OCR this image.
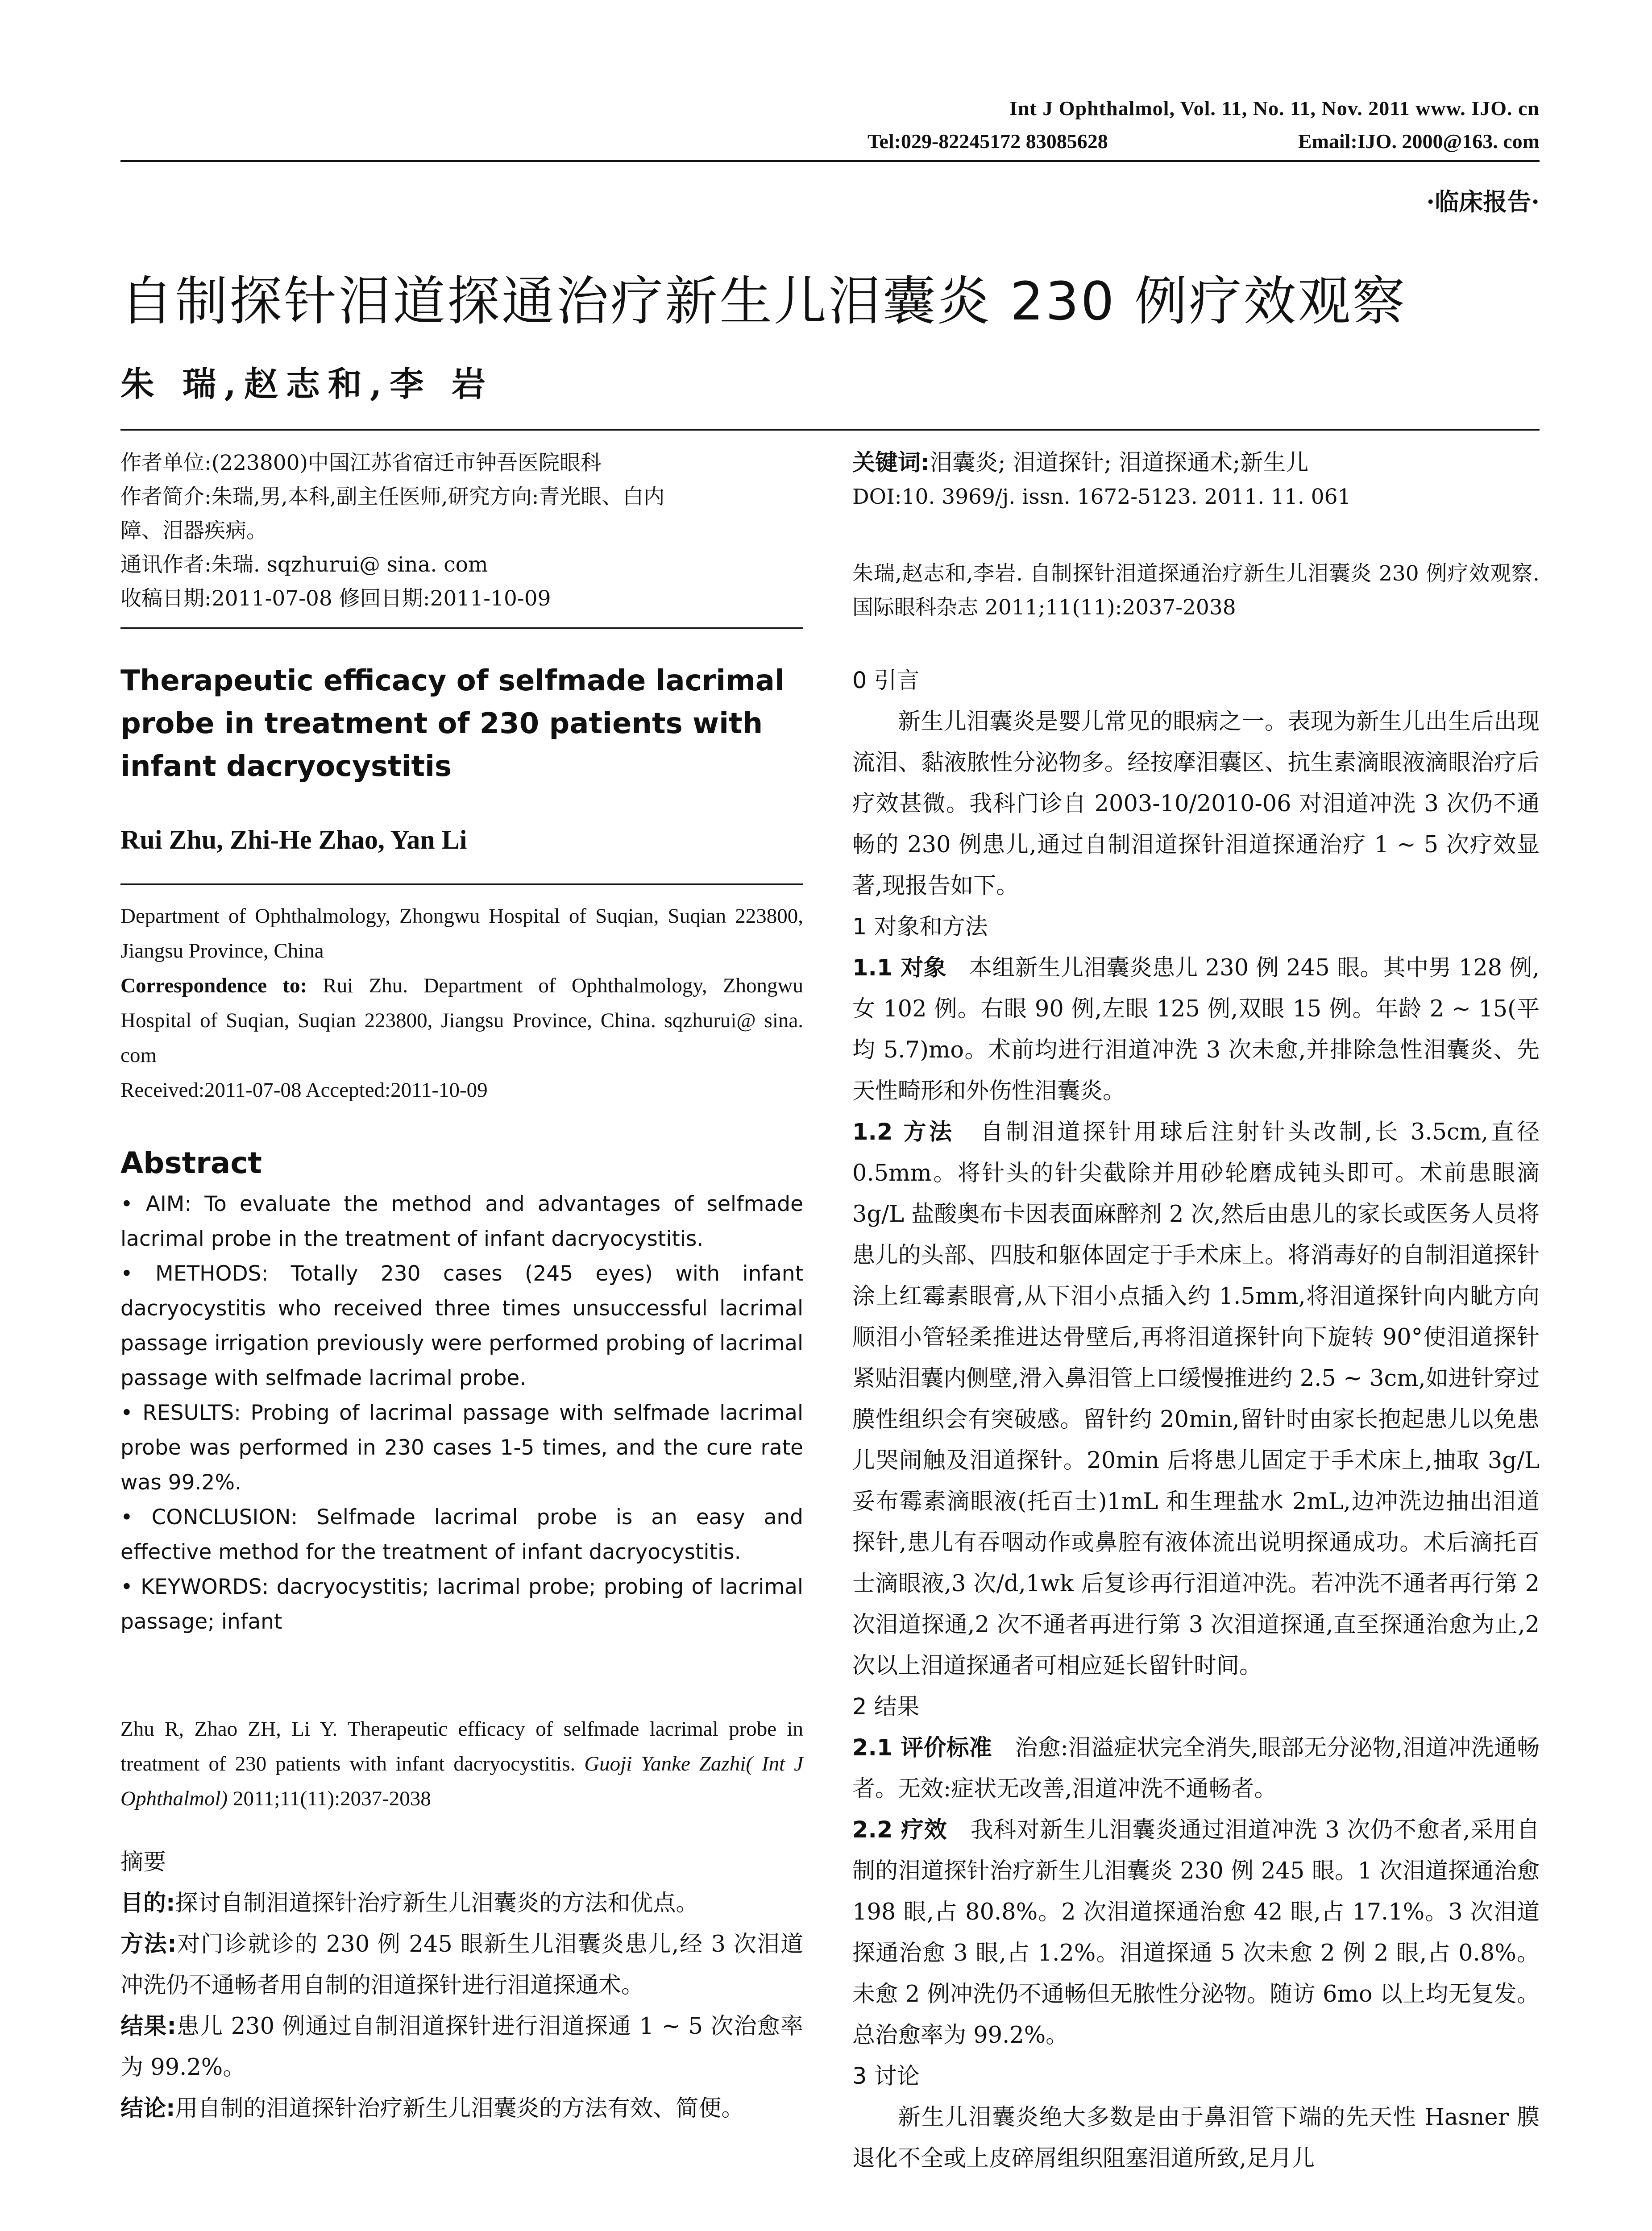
Int J Ophthalmol, Vol. 11, No. 11, Nov. 2011 www. IJO. cn
Tel:029-82245172 83085628	Email:IJO. 2000@163. com
·临床报告·
自制探针泪道探通治疗新生儿泪囊炎 230 例疗效观察
朱 瑞,赵志和,李 岩
作者单位:(223800)中国江苏省宿迁市钟吾医院眼科
作者简介:朱瑞,男,本科,副主任医师,研究方向:青光眼、白内
障、泪器疾病。
通讯作者:朱瑞. sqzhurui@ sina. com
收稿日期:2011-07-08 修回日期:2011-10-09
Therapeutic efficacy of selfmade lacrimal probe in treatment of 230 patients with infant dacryocystitis
Rui Zhu, Zhi-He Zhao, Yan Li
Department of Ophthalmology, Zhongwu Hospital of Suqian, Suqian 223800, Jiangsu Province, China
Correspondence to: Rui Zhu. Department of Ophthalmology, Zhongwu Hospital of Suqian, Suqian 223800, Jiangsu Province, China. sqzhurui@ sina. com
Received:2011-07-08 Accepted:2011-10-09
Abstract
• AIM: To evaluate the method and advantages of selfmade lacrimal probe in the treatment of infant dacryocystitis.
• METHODS: Totally 230 cases (245 eyes) with infant dacryocystitis who received three times unsuccessful lacrimal passage irrigation previously were performed probing of lacrimal passage with selfmade lacrimal probe.
• RESULTS: Probing of lacrimal passage with selfmade lacrimal probe was performed in 230 cases 1-5 times, and the cure rate was 99.2%.
• CONCLUSION: Selfmade lacrimal probe is an easy and effective method for the treatment of infant dacryocystitis.
• KEYWORDS: dacryocystitis; lacrimal probe; probing of lacrimal passage; infant
Zhu R, Zhao ZH, Li Y. Therapeutic efficacy of selfmade lacrimal probe in treatment of 230 patients with infant dacryocystitis. Guoji Yanke Zazhi( Int J Ophthalmol) 2011;11(11):2037-2038
摘要
目的:探讨自制泪道探针治疗新生儿泪囊炎的方法和优点。
方法:对门诊就诊的 230 例 245 眼新生儿泪囊炎患儿,经 3 次泪道冲洗仍不通畅者用自制的泪道探针进行泪道探通术。
结果:患儿 230 例通过自制泪道探针进行泪道探通 1 ~ 5 次治愈率为 99.2%。
结论:用自制的泪道探针治疗新生儿泪囊炎的方法有效、简便。
关键词:泪囊炎; 泪道探针; 泪道探通术;新生儿
DOI:10. 3969/j. issn. 1672-5123. 2011. 11. 061
朱瑞,赵志和,李岩. 自制探针泪道探通治疗新生儿泪囊炎 230 例疗效观察. 国际眼科杂志 2011;11(11):2037-2038
0 引言
新生儿泪囊炎是婴儿常见的眼病之一。表现为新生儿出生后出现流泪、黏液脓性分泌物多。经按摩泪囊区、抗生素滴眼液滴眼治疗后疗效甚微。我科门诊自 2003-10/2010-06 对泪道冲洗 3 次仍不通畅的 230 例患儿,通过自制泪道探针泪道探通治疗 1 ~ 5 次疗效显著,现报告如下。
1 对象和方法
1.1 对象　本组新生儿泪囊炎患儿 230 例 245 眼。其中男 128 例,女 102 例。右眼 90 例,左眼 125 例,双眼 15 例。年龄 2 ~ 15(平均 5.7)mo。术前均进行泪道冲洗 3 次未愈,并排除急性泪囊炎、先天性畸形和外伤性泪囊炎。
1.2 方法　自制泪道探针用球后注射针头改制,长 3.5cm,直径 0.5mm。将针头的针尖截除并用砂轮磨成钝头即可。术前患眼滴 3g/L 盐酸奥布卡因表面麻醉剂 2 次,然后由患儿的家长或医务人员将患儿的头部、四肢和躯体固定于手术床上。将消毒好的自制泪道探针涂上红霉素眼膏,从下泪小点插入约 1.5mm,将泪道探针向内眦方向顺泪小管轻柔推进达骨壁后,再将泪道探针向下旋转 90°使泪道探针紧贴泪囊内侧壁,滑入鼻泪管上口缓慢推进约 2.5 ~ 3cm,如进针穿过膜性组织会有突破感。留针约 20min,留针时由家长抱起患儿以免患儿哭闹触及泪道探针。20min 后将患儿固定于手术床上,抽取 3g/L 妥布霉素滴眼液(托百士)1mL 和生理盐水 2mL,边冲洗边抽出泪道探针,患儿有吞咽动作或鼻腔有液体流出说明探通成功。术后滴托百士滴眼液,3 次/d,1wk 后复诊再行泪道冲洗。若冲洗不通者再行第 2 次泪道探通,2 次不通者再进行第 3 次泪道探通,直至探通治愈为止,2 次以上泪道探通者可相应延长留针时间。
2 结果
2.1 评价标准　治愈:泪溢症状完全消失,眼部无分泌物,泪道冲洗通畅者。无效:症状无改善,泪道冲洗不通畅者。
2.2 疗效　我科对新生儿泪囊炎通过泪道冲洗 3 次仍不愈者,采用自制的泪道探针治疗新生儿泪囊炎 230 例 245 眼。1 次泪道探通治愈 198 眼,占 80.8%。2 次泪道探通治愈 42 眼,占 17.1%。3 次泪道探通治愈 3 眼,占 1.2%。泪道探通 5 次未愈 2 例 2 眼,占 0.8%。未愈 2 例冲洗仍不通畅但无脓性分泌物。随访 6mo 以上均无复发。总治愈率为 99.2%。
3 讨论
新生儿泪囊炎绝大多数是由于鼻泪管下端的先天性 Hasner 膜退化不全或上皮碎屑组织阻塞泪道所致,足月儿
